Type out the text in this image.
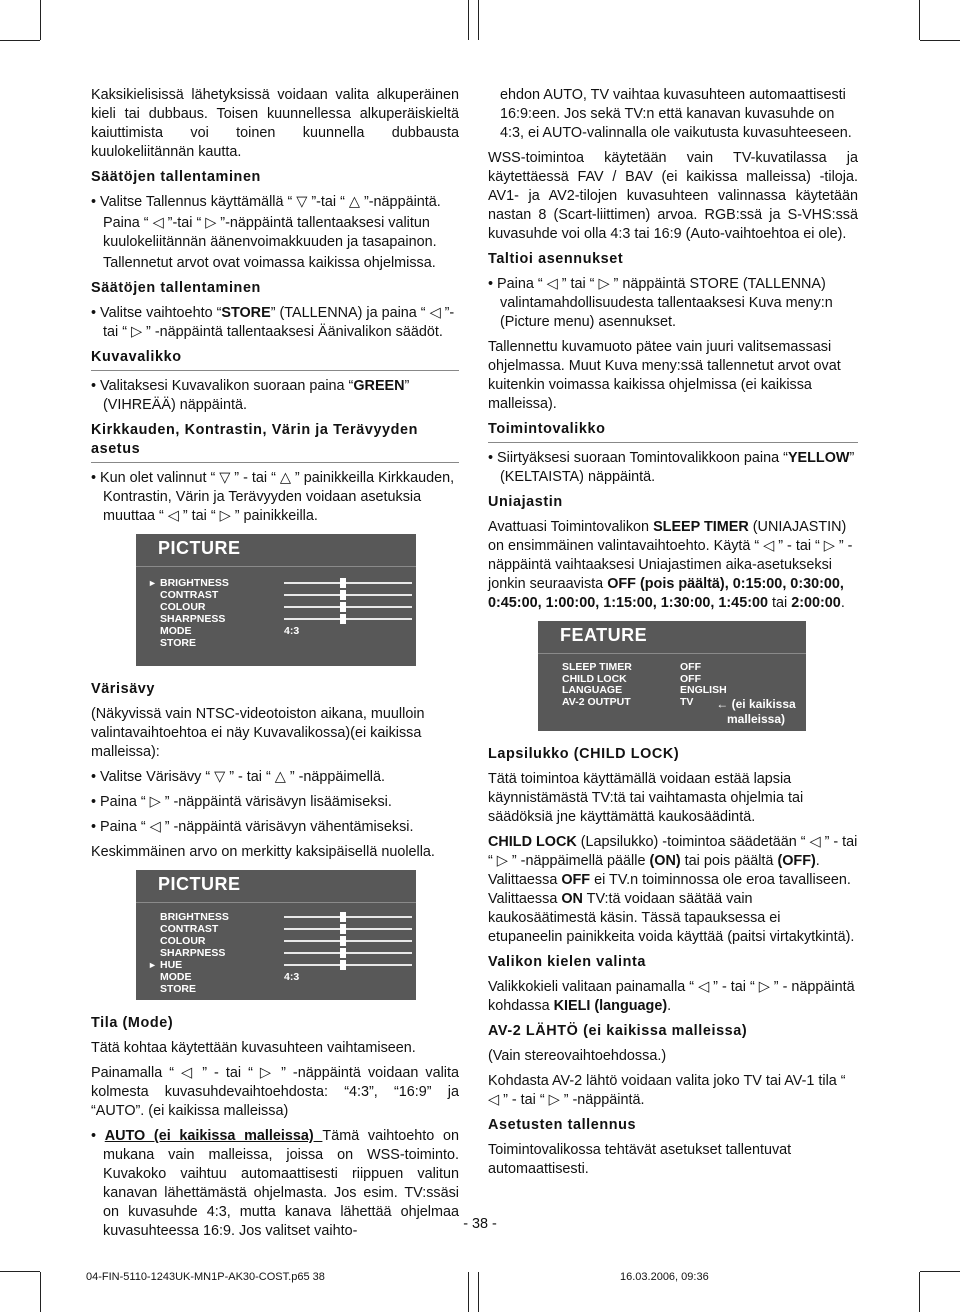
Kaksikielisissä lähetyksissä voidaan valita alkuperäinen kieli tai dubbaus. Toisen kuunnellessa alkuperäiskieltä kaiuttimista voi toinen kuunnella dubbausta kuulokeliitännän kautta.

Säätöjen tallentaminen

• Valitse Tallennus käyttämällä “ ▽ ”-tai “ △ ”-näppäintä.

Paina “ ◁ ”-tai “ ▷ ”-näppäintä tallentaaksesi valitun kuulokeliitännän äänenvoimakkuuden ja tasapainon.

Tallennetut arvot ovat voimassa kaikissa ohjelmissa.

Säätöjen tallentaminen

• Valitse vaihtoehto “STORE” (TALLENNA) ja paina “ ◁ ”-tai “ ▷ ” -näppäintä tallentaaksesi Äänivalikon säädöt.

Kuvavalikko

• Valitaksesi Kuvavalikon suoraan paina “GREEN” (VIHREÄÄ) näppäintä.

Kirkkauden, Kontrastin, Värin ja Terävyyden asetus

• Kun olet valinnut “ ▽ ” - tai “ △ ” painikkeilla Kirkkauden, Kontrastin, Värin ja Terävyyden voidaan asetuksia muuttaa “ ◁ ” tai “ ▷ ” painikkeilla.

PICTURE
► BRIGHTNESS
CONTRAST
COLOUR
SHARPNESS
MODE	4:3
STORE
Värisävy

(Näkyvissä vain NTSC-videotoiston aikana, muulloin valintavaihtoehtoa ei näy Kuvavalikossa)(ei kaikissa malleissa):

• Valitse Värisävy “ ▽ ” - tai “ △ ” -näppäimellä.

• Paina “ ▷ ” -näppäintä värisävyn lisäämiseksi.

• Paina “ ◁ ” -näppäintä värisävyn vähentämiseksi.

Keskimmäinen arvo on merkitty kaksipäisellä nuolella.

PICTURE
BRIGHTNESS
CONTRAST
COLOUR
SHARPNESS
► HUE
MODE	4:3
STORE
Tila (Mode)

Tätä kohtaa käytettään kuvasuhteen vaihtamiseen.

Painamalla “ ◁ ” - tai “ ▷ ” -näppäintä voidaan valita kolmesta kuvasuhdevaihtoehdosta: “4:3”, “16:9” ja “AUTO”. (ei kaikissa malleissa)

• AUTO (ei kaikissa malleissa) Tämä vaihtoehto on mukana vain malleissa, joissa on WSS-toiminto. Kuvakoko vaihtuu automaattisesti riippuen valitun kanavan lähettämästä ohjelmasta. Jos esim. TV:ssäsi on kuvasuhde 4:3, mutta kanava lähettää ohjelmaa kuvasuhteessa 16:9. Jos valitset vaihto-

ehdon AUTO, TV vaihtaa kuvasuhteen automaattisesti 16:9:een. Jos sekä TV:n että kanavan kuvasuhde on 4:3, ei AUTO-valinnalla ole vaikutusta kuvasuhteeseen.

WSS-toimintoa käytetään vain TV-kuvatilassa ja käytettäessä FAV / BAV (ei kaikissa malleissa) -tiloja. AV1- ja AV2-tilojen kuvasuhteen valinnassa käytetään nastan 8 (Scart-liittimen) arvoa. RGB:ssä ja S-VHS:ssä kuvasuhde voi olla 4:3 tai 16:9 (Auto-vaihtoehtoa ei ole).

Taltioi asennukset

• Paina “ ◁ ” tai “ ▷ ” näppäintä STORE (TALLENNA) valintamahdollisuudesta tallentaaksesi Kuva meny:n (Picture menu) asennukset.

Tallennettu kuvamuoto pätee vain juuri valitsemassasi ohjelmassa. Muut Kuva meny:ssä tallennetut arvot ovat kuitenkin voimassa kaikissa ohjelmissa (ei kaikissa malleissa).

Toimintovalikko

• Siirtyäksesi suoraan Tomintovalikkoon paina “YELLOW” (KELTAISTA) näppäintä.

Uniajastin

Avattuasi Toimintovalikon SLEEP TIMER (UNIAJASTIN) on ensimmäinen valintavaihtoehto. Käytä “ ◁ ” - tai “ ▷ ” -näppäintä vaihtaaksesi Uniajastimen aika-asetukseksi jonkin seuraavista OFF (pois päältä), 0:15:00, 0:30:00, 0:45:00, 1:00:00, 1:15:00, 1:30:00, 1:45:00 tai 2:00:00.

FEATURE
SLEEP TIMER	OFF
CHILD LOCK	OFF
LANGUAGE	ENGLISH
AV-2 OUTPUT	TV	← (ei kaikissa malleissa)
Lapsilukko (CHILD LOCK)

Tätä toimintoa käyttämällä voidaan estää lapsia käynnistämästä TV:tä tai vaihtamasta ohjelmia tai säädöksiä jne käyttämättä kaukosäädintä.

CHILD LOCK (Lapsilukko) -toimintoa säädetään “ ◁ ” - tai “ ▷ ” -näppäimellä päälle (ON) tai pois päältä (OFF). Valittaessa OFF ei TV.n toiminnossa ole eroa tavalliseen. Valittaessa ON TV:tä voidaan säätää vain kaukosäätimestä käsin. Tässä tapauksessa ei etupaneelin painikkeita voida käyttää (paitsi virtakytkintä).

Valikon kielen valinta

Valikkokieli valitaan painamalla “ ◁ ” - tai “ ▷ ” - näppäintä kohdassa KIELI (language).

AV-2 LÄHTÖ (ei kaikissa malleissa)

(Vain stereovaihtoehdossa.)

Kohdasta AV-2 lähtö voidaan valita joko TV tai AV-1 tila “ ◁ ” - tai “ ▷ ” -näppäintä.

Asetusten tallennus

Toimintovalikossa tehtävät asetukset tallentuvat automaattisesti.

- 38 -
04-FIN-5110-1243UK-MN1P-AK30-COST.p65 38	16.03.2006, 09:36
